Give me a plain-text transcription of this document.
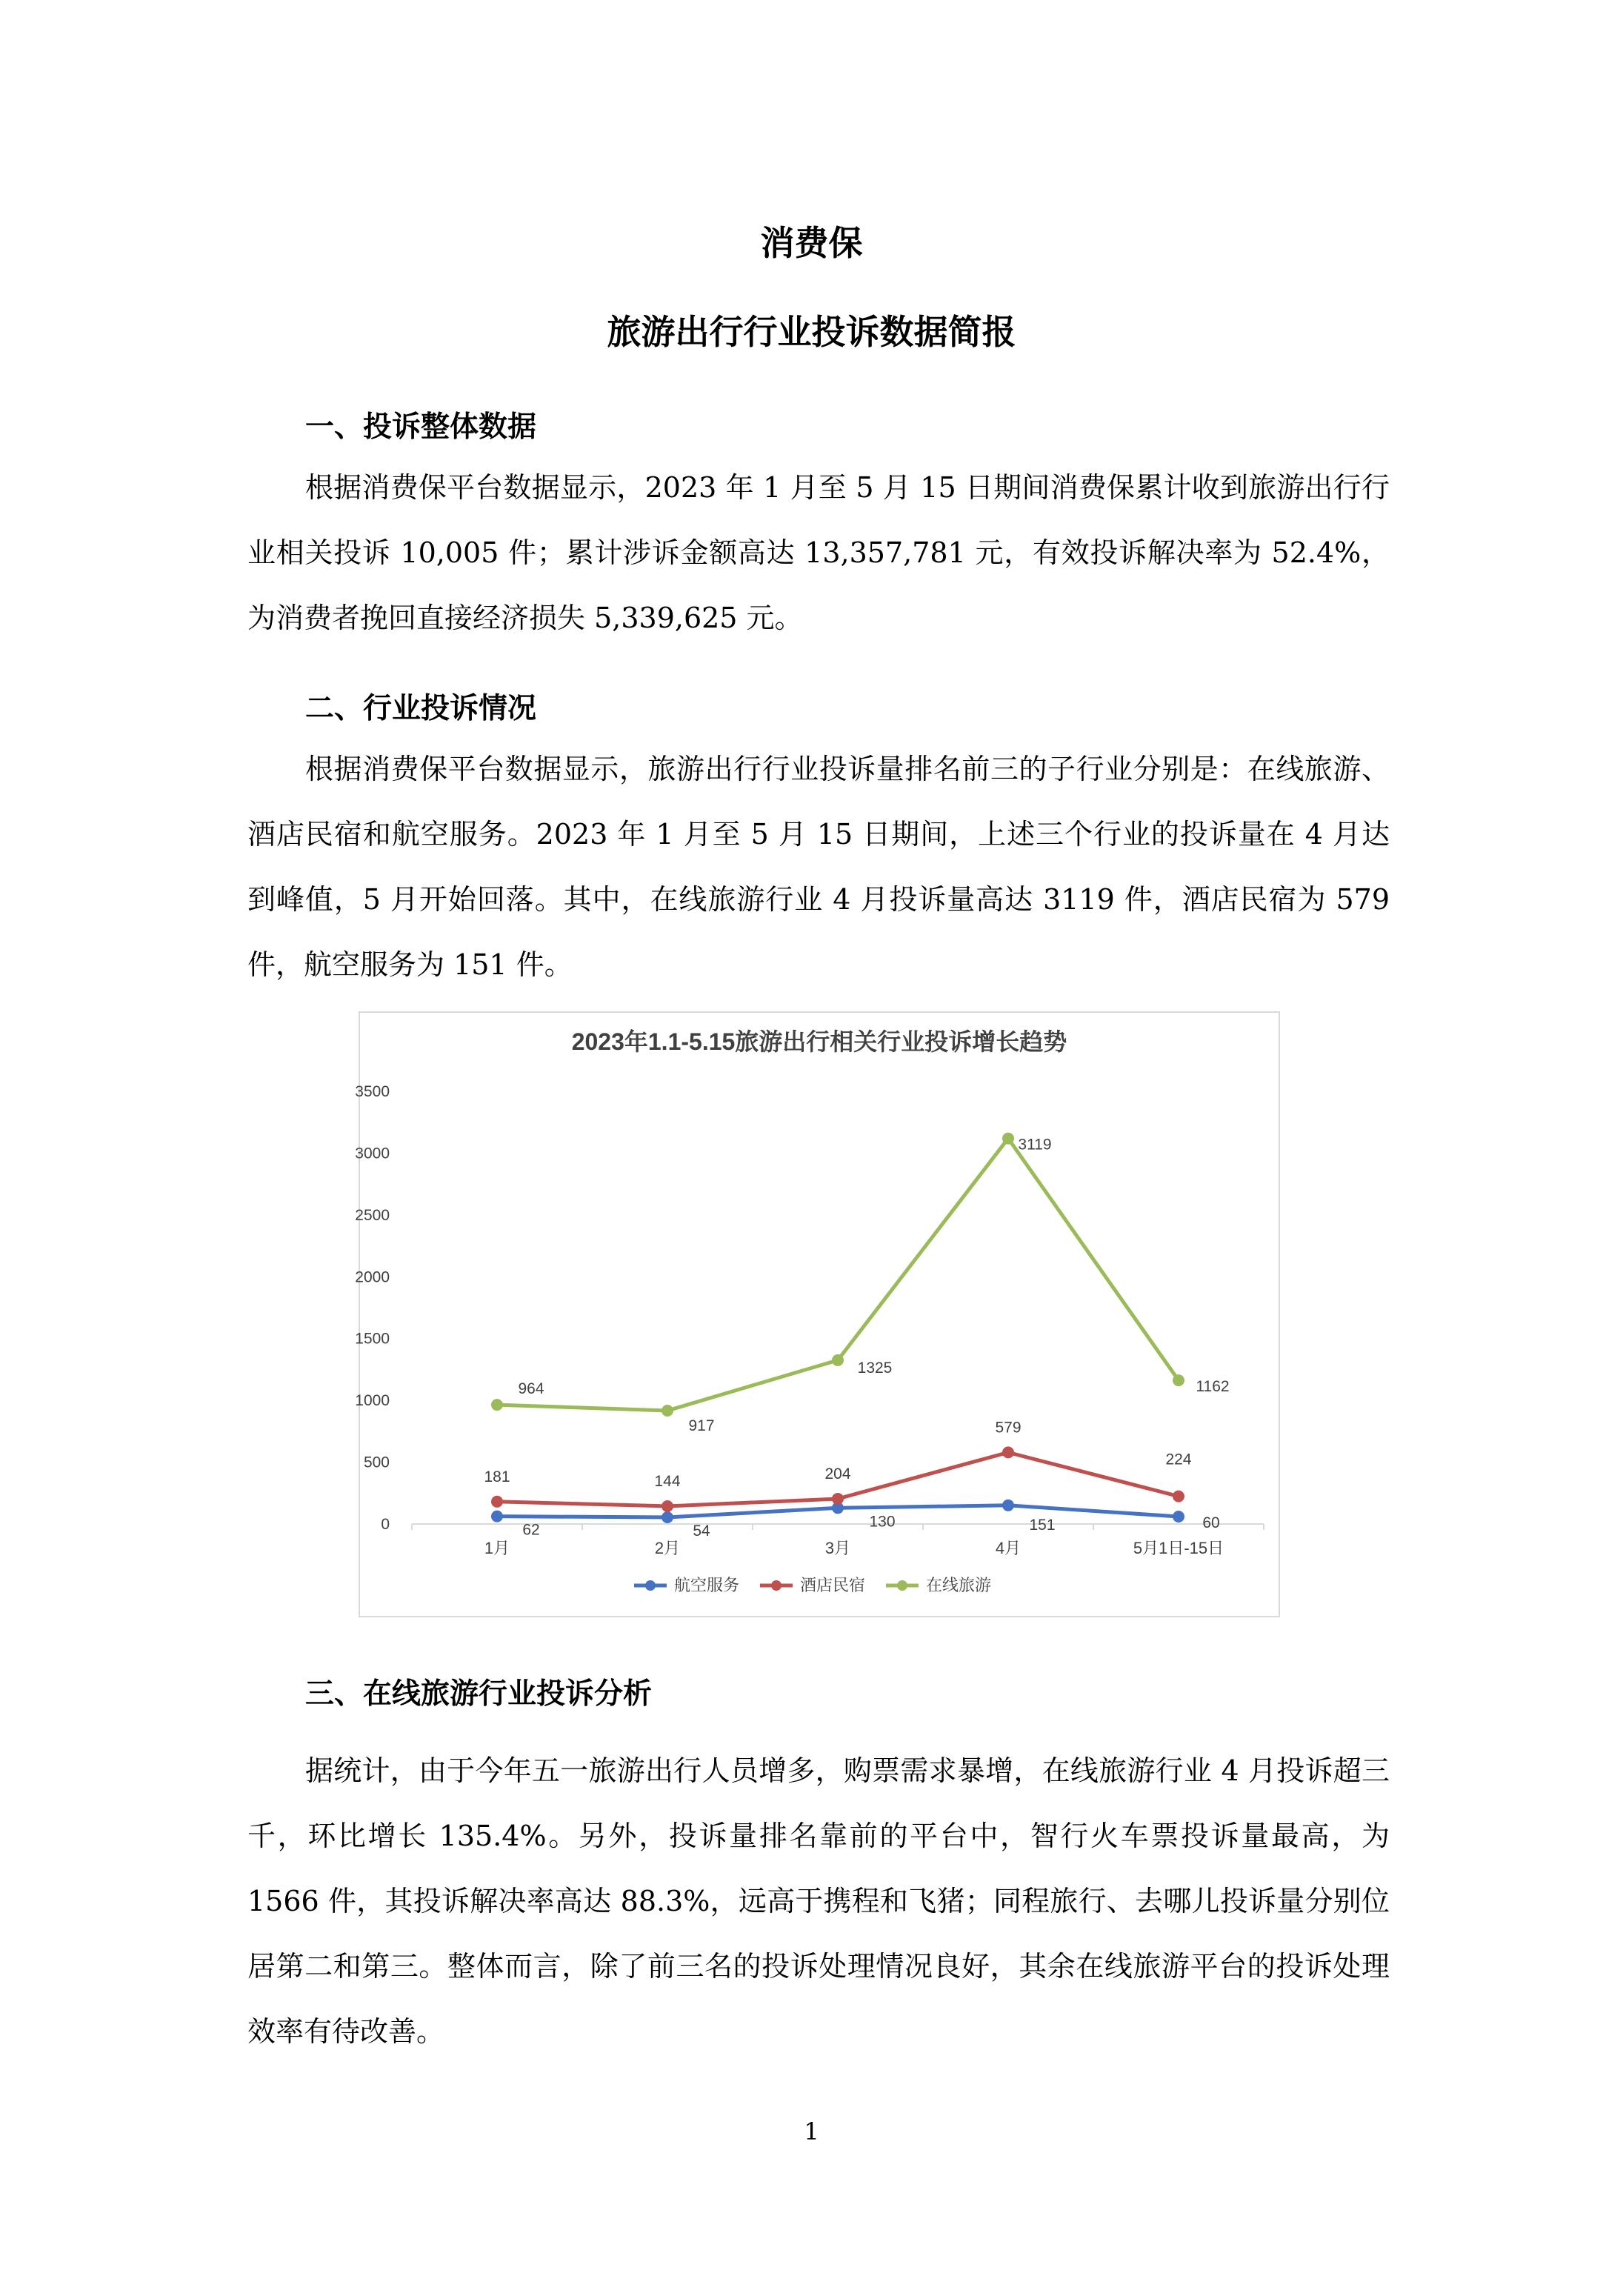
消费保
旅游出行行业投诉数据简报
一、投诉整体数据

根据消费保平台数据显示，2023 年 1 月至 5 月 15 日期间消费保累计收到旅游出行行业相关投诉 10,005 件；累计涉诉金额高达 13,357,781 元，有效投诉解决率为 52.4%，为消费者挽回直接经济损失 5,339,625 元。

二、行业投诉情况

根据消费保平台数据显示，旅游出行行业投诉量排名前三的子行业分别是：在线旅游、酒店民宿和航空服务。2023 年 1 月至 5 月 15 日期间，上述三个行业的投诉量在 4 月达到峰值，5 月开始回落。其中，在线旅游行业 4 月投诉量高达 3119 件，酒店民宿为 579 件，航空服务为 151 件。

2023年1.1-5.15旅游出行相关行业投诉增长趋势
0
500
1000
1500
2000
2500
3000
3500
1月	2月	3月	4月	5月1日-15日
62	54
130	151	60
181	144	204
579
224
964
917
1325
3119
1162
航空服务	酒店民宿	在线旅游
三、在线旅游行业投诉分析

据统计，由于今年五一旅游出行人员增多，购票需求暴增，在线旅游行业 4 月投诉超三千，环比增长 135.4%。另外，投诉量排名靠前的平台中，智行火车票投诉量最高，为 1566 件，其投诉解决率高达 88.3%，远高于携程和飞猪；同程旅行、去哪儿投诉量分别位居第二和第三。整体而言，除了前三名的投诉处理情况良好，其余在线旅游平台的投诉处理效率有待改善。

1
